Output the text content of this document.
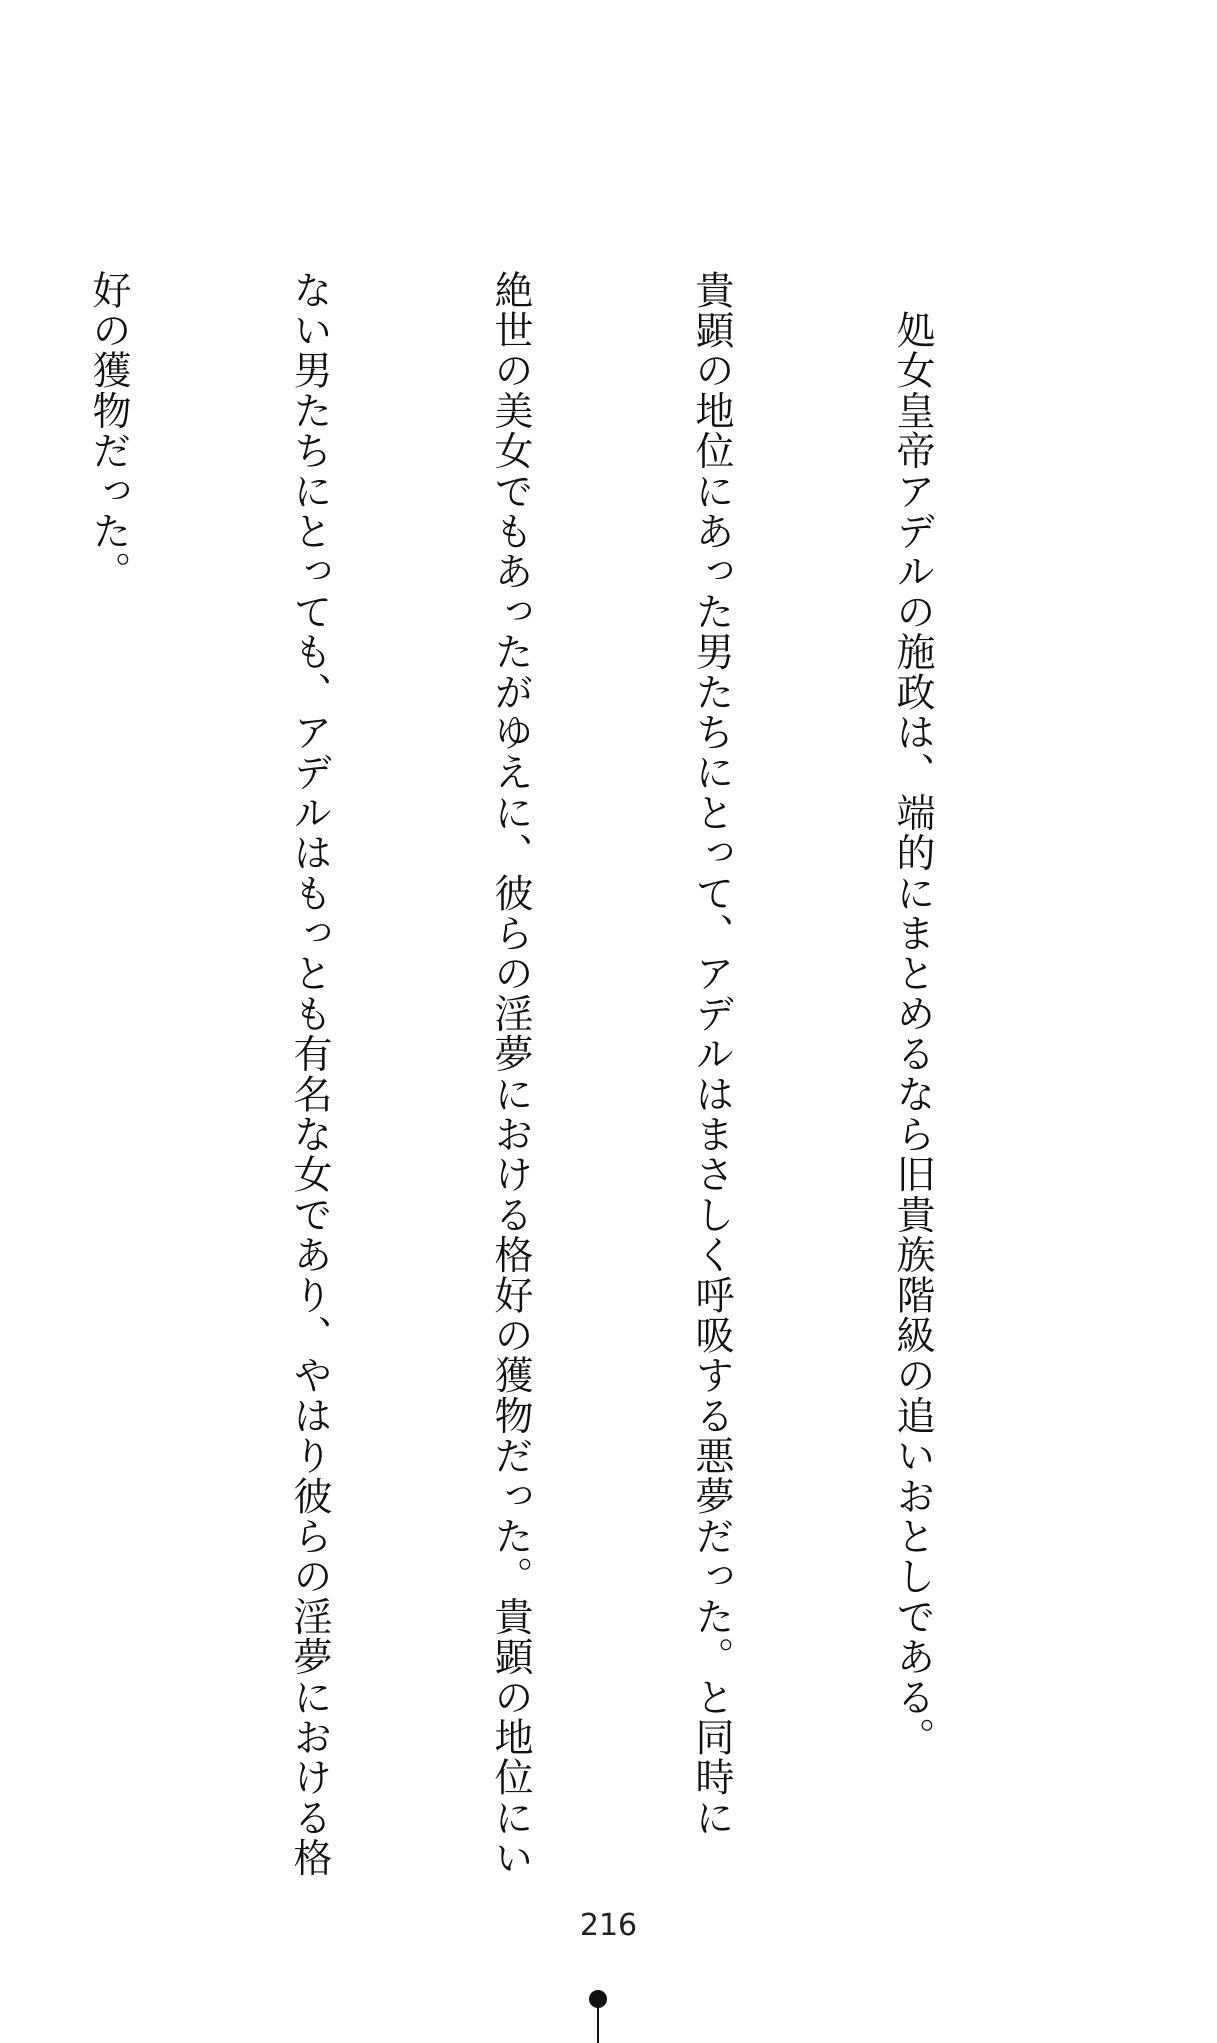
　処女皇帝アデルの施政は、端的にまとめるなら旧貴族階級の追いおとしである。

貴顕の地位にあった男たちにとって、アデルはまさしく呼吸する悪夢だった。と同時に

絶世の美女でもあったがゆえに、彼らの淫夢における格好の獲物だった。貴顕の地位にい

ない男たちにとっても、アデルはもっとも有名な女であり、やはり彼らの淫夢における格

好の獲物だった。

216
